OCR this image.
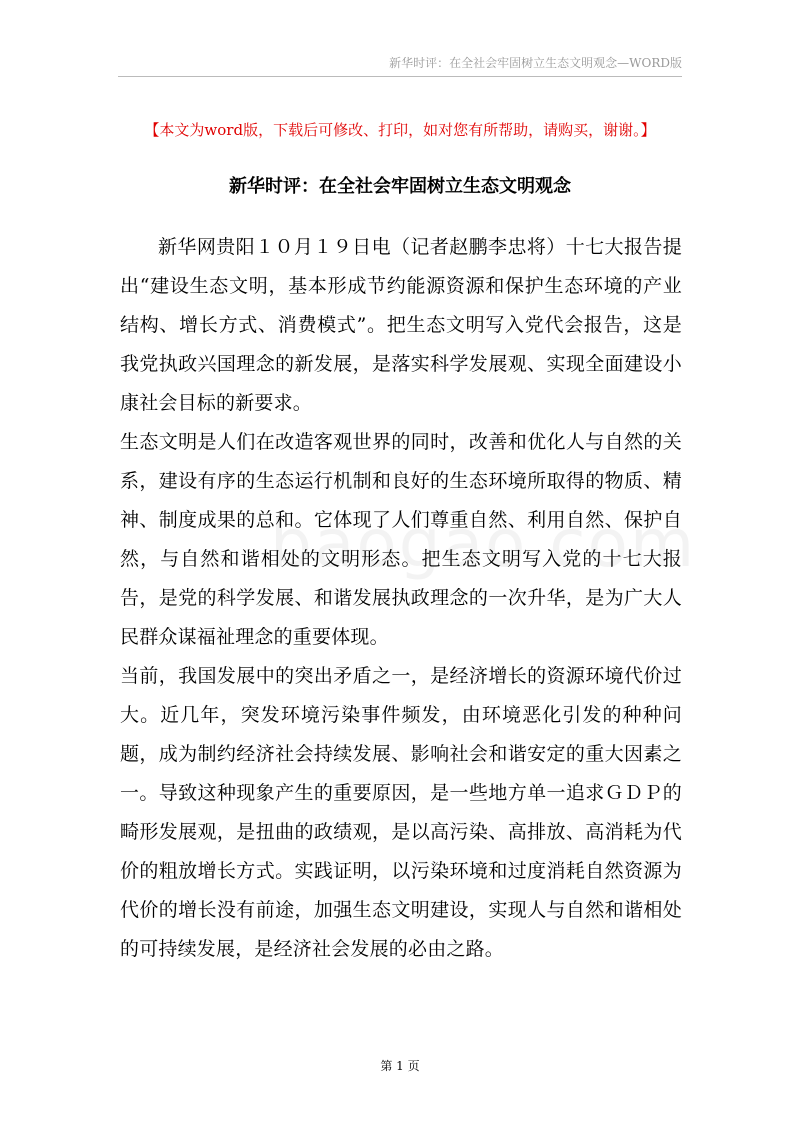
新华时评：在全社会牢固树立生态文明观念—WORD版
【本文为word版，下载后可修改、打印，如对您有所帮助，请购买，谢谢。】
新华时评：在全社会牢固树立生态文明观念

新华网贵阳１０月１９日电（记者赵鹏李忠将）十七大报告提出“建设生态文明，基本形成节约能源资源和保护生态环境的产业结构、增长方式、消费模式”。把生态文明写入党代会报告，这是我党执政兴国理念的新发展，是落实科学发展观、实现全面建设小康社会目标的新要求。

生态文明是人们在改造客观世界的同时，改善和优化人与自然的关系，建设有序的生态运行机制和良好的生态环境所取得的物质、精神、制度成果的总和。它体现了人们尊重自然、利用自然、保护自然，与自然和谐相处的文明形态。把生态文明写入党的十七大报告，是党的科学发展、和谐发展执政理念的一次升华，是为广大人民群众谋福祉理念的重要体现。

当前，我国发展中的突出矛盾之一，是经济增长的资源环境代价过大。近几年，突发环境污染事件频发，由环境恶化引发的种种问题，成为制约经济社会持续发展、影响社会和谐安定的重大因素之一。导致这种现象产生的重要原因，是一些地方单一追求ＧＤＰ的畸形发展观，是扭曲的政绩观，是以高污染、高排放、高消耗为代价的粗放增长方式。实践证明，以污染环境和过度消耗自然资源为代价的增长没有前途，加强生态文明建设，实现人与自然和谐相处的可持续发展，是经济社会发展的必由之路。

第 1 页
